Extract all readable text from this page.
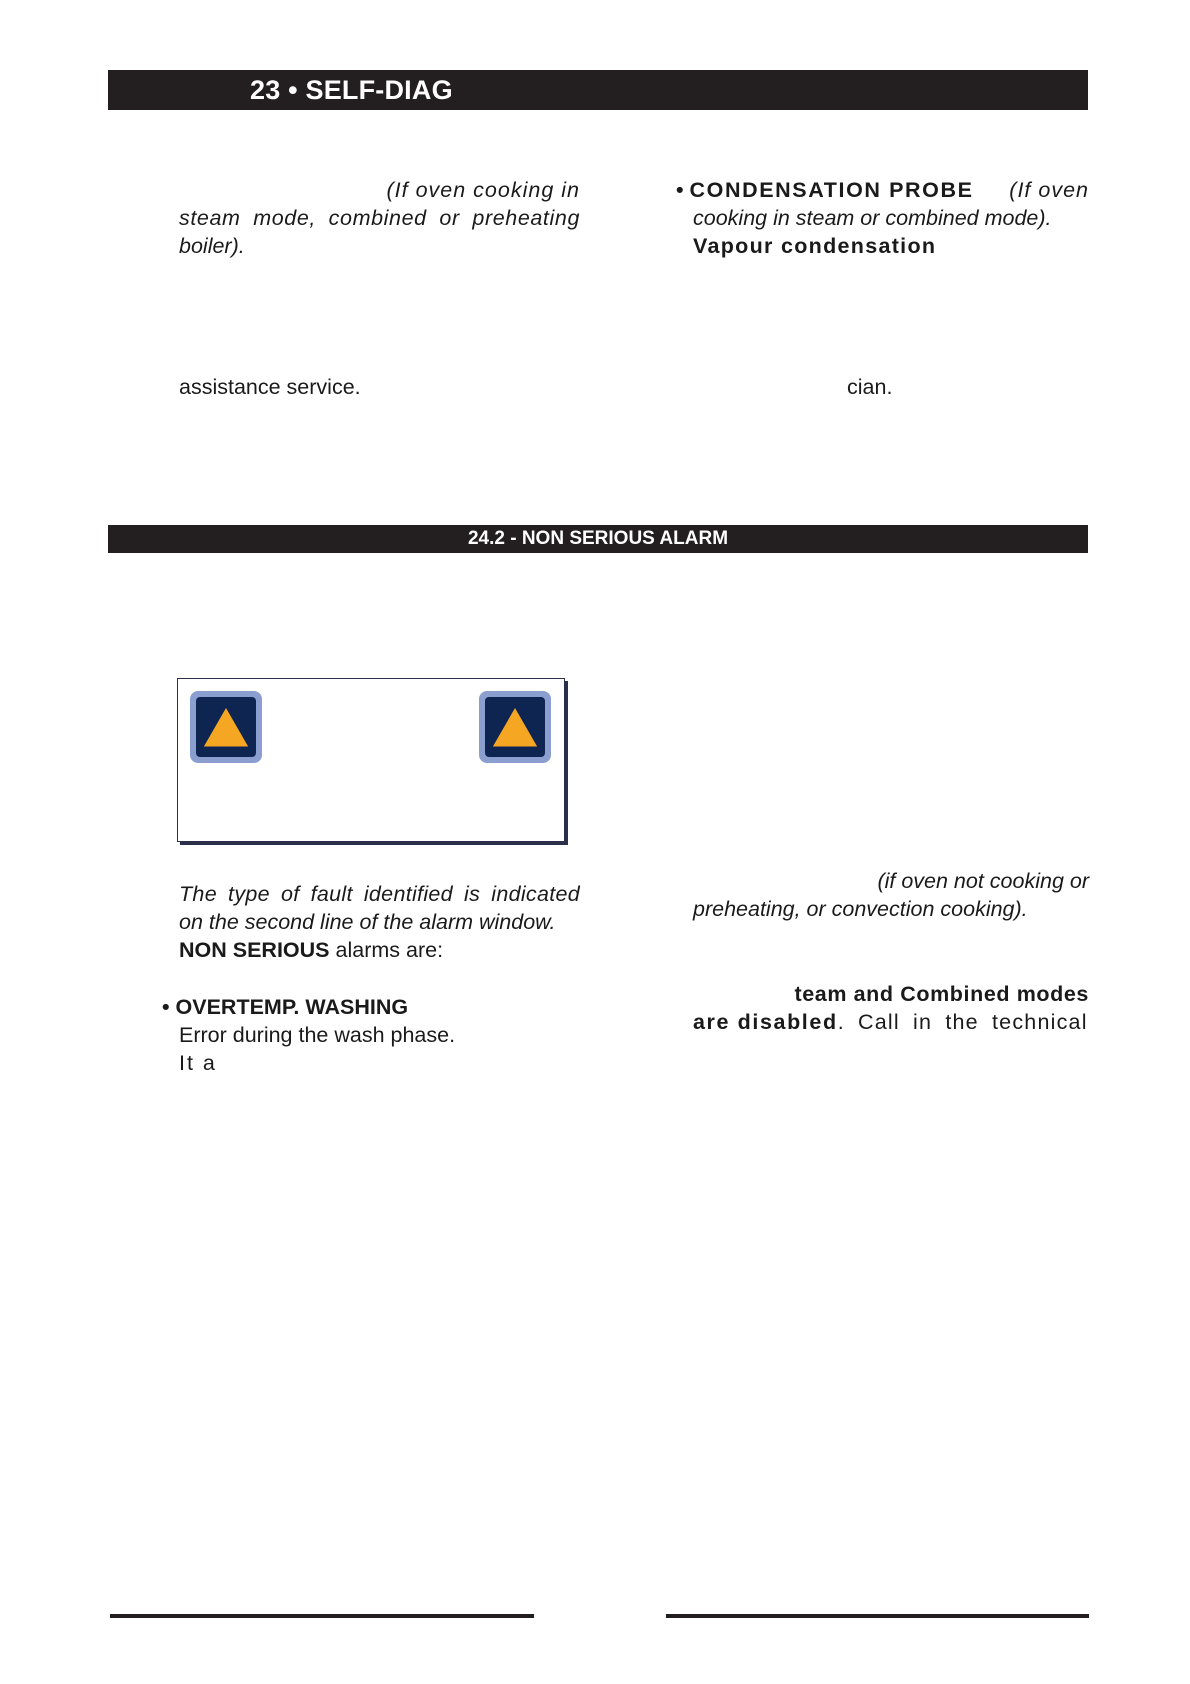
23 • SELF-DIAG
(If oven cooking in
steam mode, combined or preheating
boiler).
assistance service.
• CONDENSATION PROBE (If oven
cooking in steam or combined mode).
Vapour condensation
cian.
24.2 - NON SERIOUS ALARM
The type of fault identified is indicated
on the second line of the alarm window.
NON SERIOUS alarms are:
• OVERTEMP. WASHING
Error during the wash phase.
It a
(if oven not cooking or
preheating, or convection cooking).
team and Combined modes
are disabled . Call in the technical
